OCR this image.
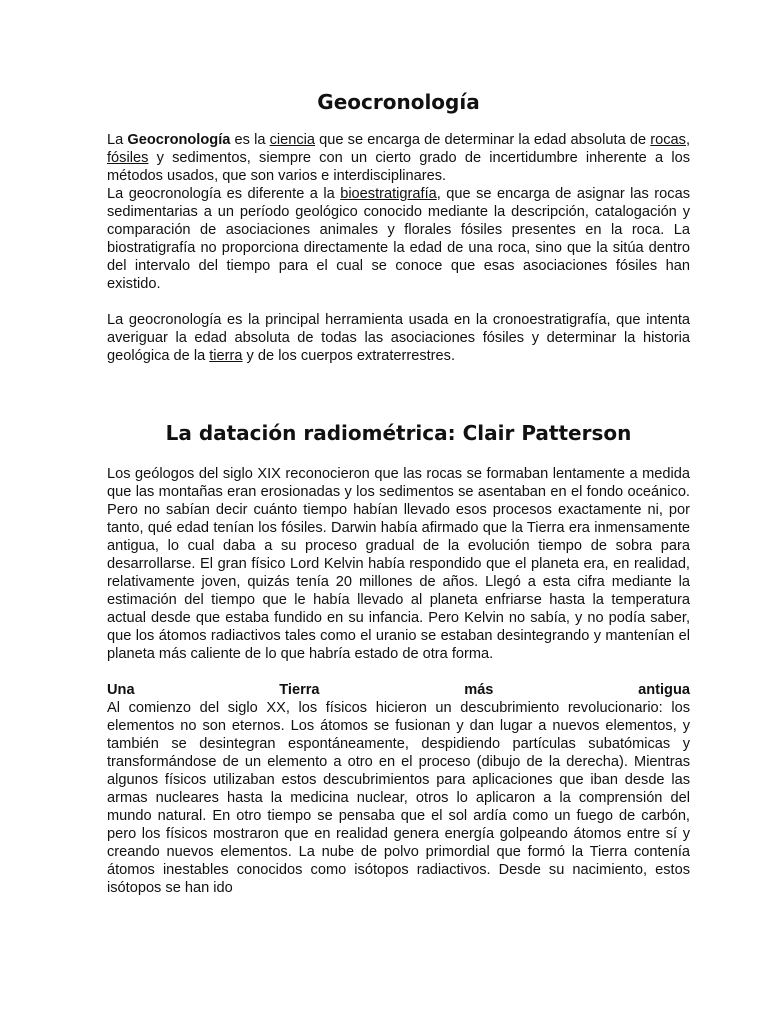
Geocronología

La Geocronología es la ciencia que se encarga de determinar la edad absoluta de rocas, fósiles y sedimentos, siempre con un cierto grado de incertidumbre inherente a los métodos usados, que son varios e interdisciplinares.

La geocronología es diferente a la bioestratigrafía, que se encarga de asignar las rocas sedimentarias a un período geológico conocido mediante la descripción, catalogación y comparación de asociaciones animales y florales fósiles presentes en la roca. La biostratigrafía no proporciona directamente la edad de una roca, sino que la sitúa dentro del intervalo del tiempo para el cual se conoce que esas asociaciones fósiles han existido.

La geocronología es la principal herramienta usada en la cronoestratigrafía, que intenta averiguar la edad absoluta de todas las asociaciones fósiles y determinar la historia geológica de la tierra y de los cuerpos extraterrestres.

La datación radiométrica: Clair Patterson

Los geólogos del siglo XIX reconocieron que las rocas se formaban lentamente a medida que las montañas eran erosionadas y los sedimentos se asentaban en el fondo oceánico. Pero no sabían decir cuánto tiempo habían llevado esos procesos exactamente ni, por tanto, qué edad tenían los fósiles. Darwin había afirmado que la Tierra era inmensamente antigua, lo cual daba a su proceso gradual de la evolución tiempo de sobra para desarrollarse. El gran físico Lord Kelvin había respondido que el planeta era, en realidad, relativamente joven, quizás tenía 20 millones de años. Llegó a esta cifra mediante la estimación del tiempo que le había llevado al planeta enfriarse hasta la temperatura actual desde que estaba fundido en su infancia. Pero Kelvin no sabía, y no podía saber, que los átomos radiactivos tales como el uranio se estaban desintegrando y mantenían el planeta más caliente de lo que habría estado de otra forma.

Una	Tierra	más	antigua

Al comienzo del siglo XX, los físicos hicieron un descubrimiento revolucionario: los elementos no son eternos. Los átomos se fusionan y dan lugar a nuevos elementos, y también se desintegran espontáneamente, despidiendo partículas subatómicas y transformándose de un elemento a otro en el proceso (dibujo de la derecha). Mientras algunos físicos utilizaban estos descubrimientos para aplicaciones que iban desde las armas nucleares hasta la medicina nuclear, otros lo aplicaron a la comprensión del mundo natural. En otro tiempo se pensaba que el sol ardía como un fuego de carbón, pero los físicos mostraron que en realidad genera energía golpeando átomos entre sí y creando nuevos elementos. La nube de polvo primordial que formó la Tierra contenía átomos inestables conocidos como isótopos radiactivos. Desde su nacimiento, estos isótopos se han ido
